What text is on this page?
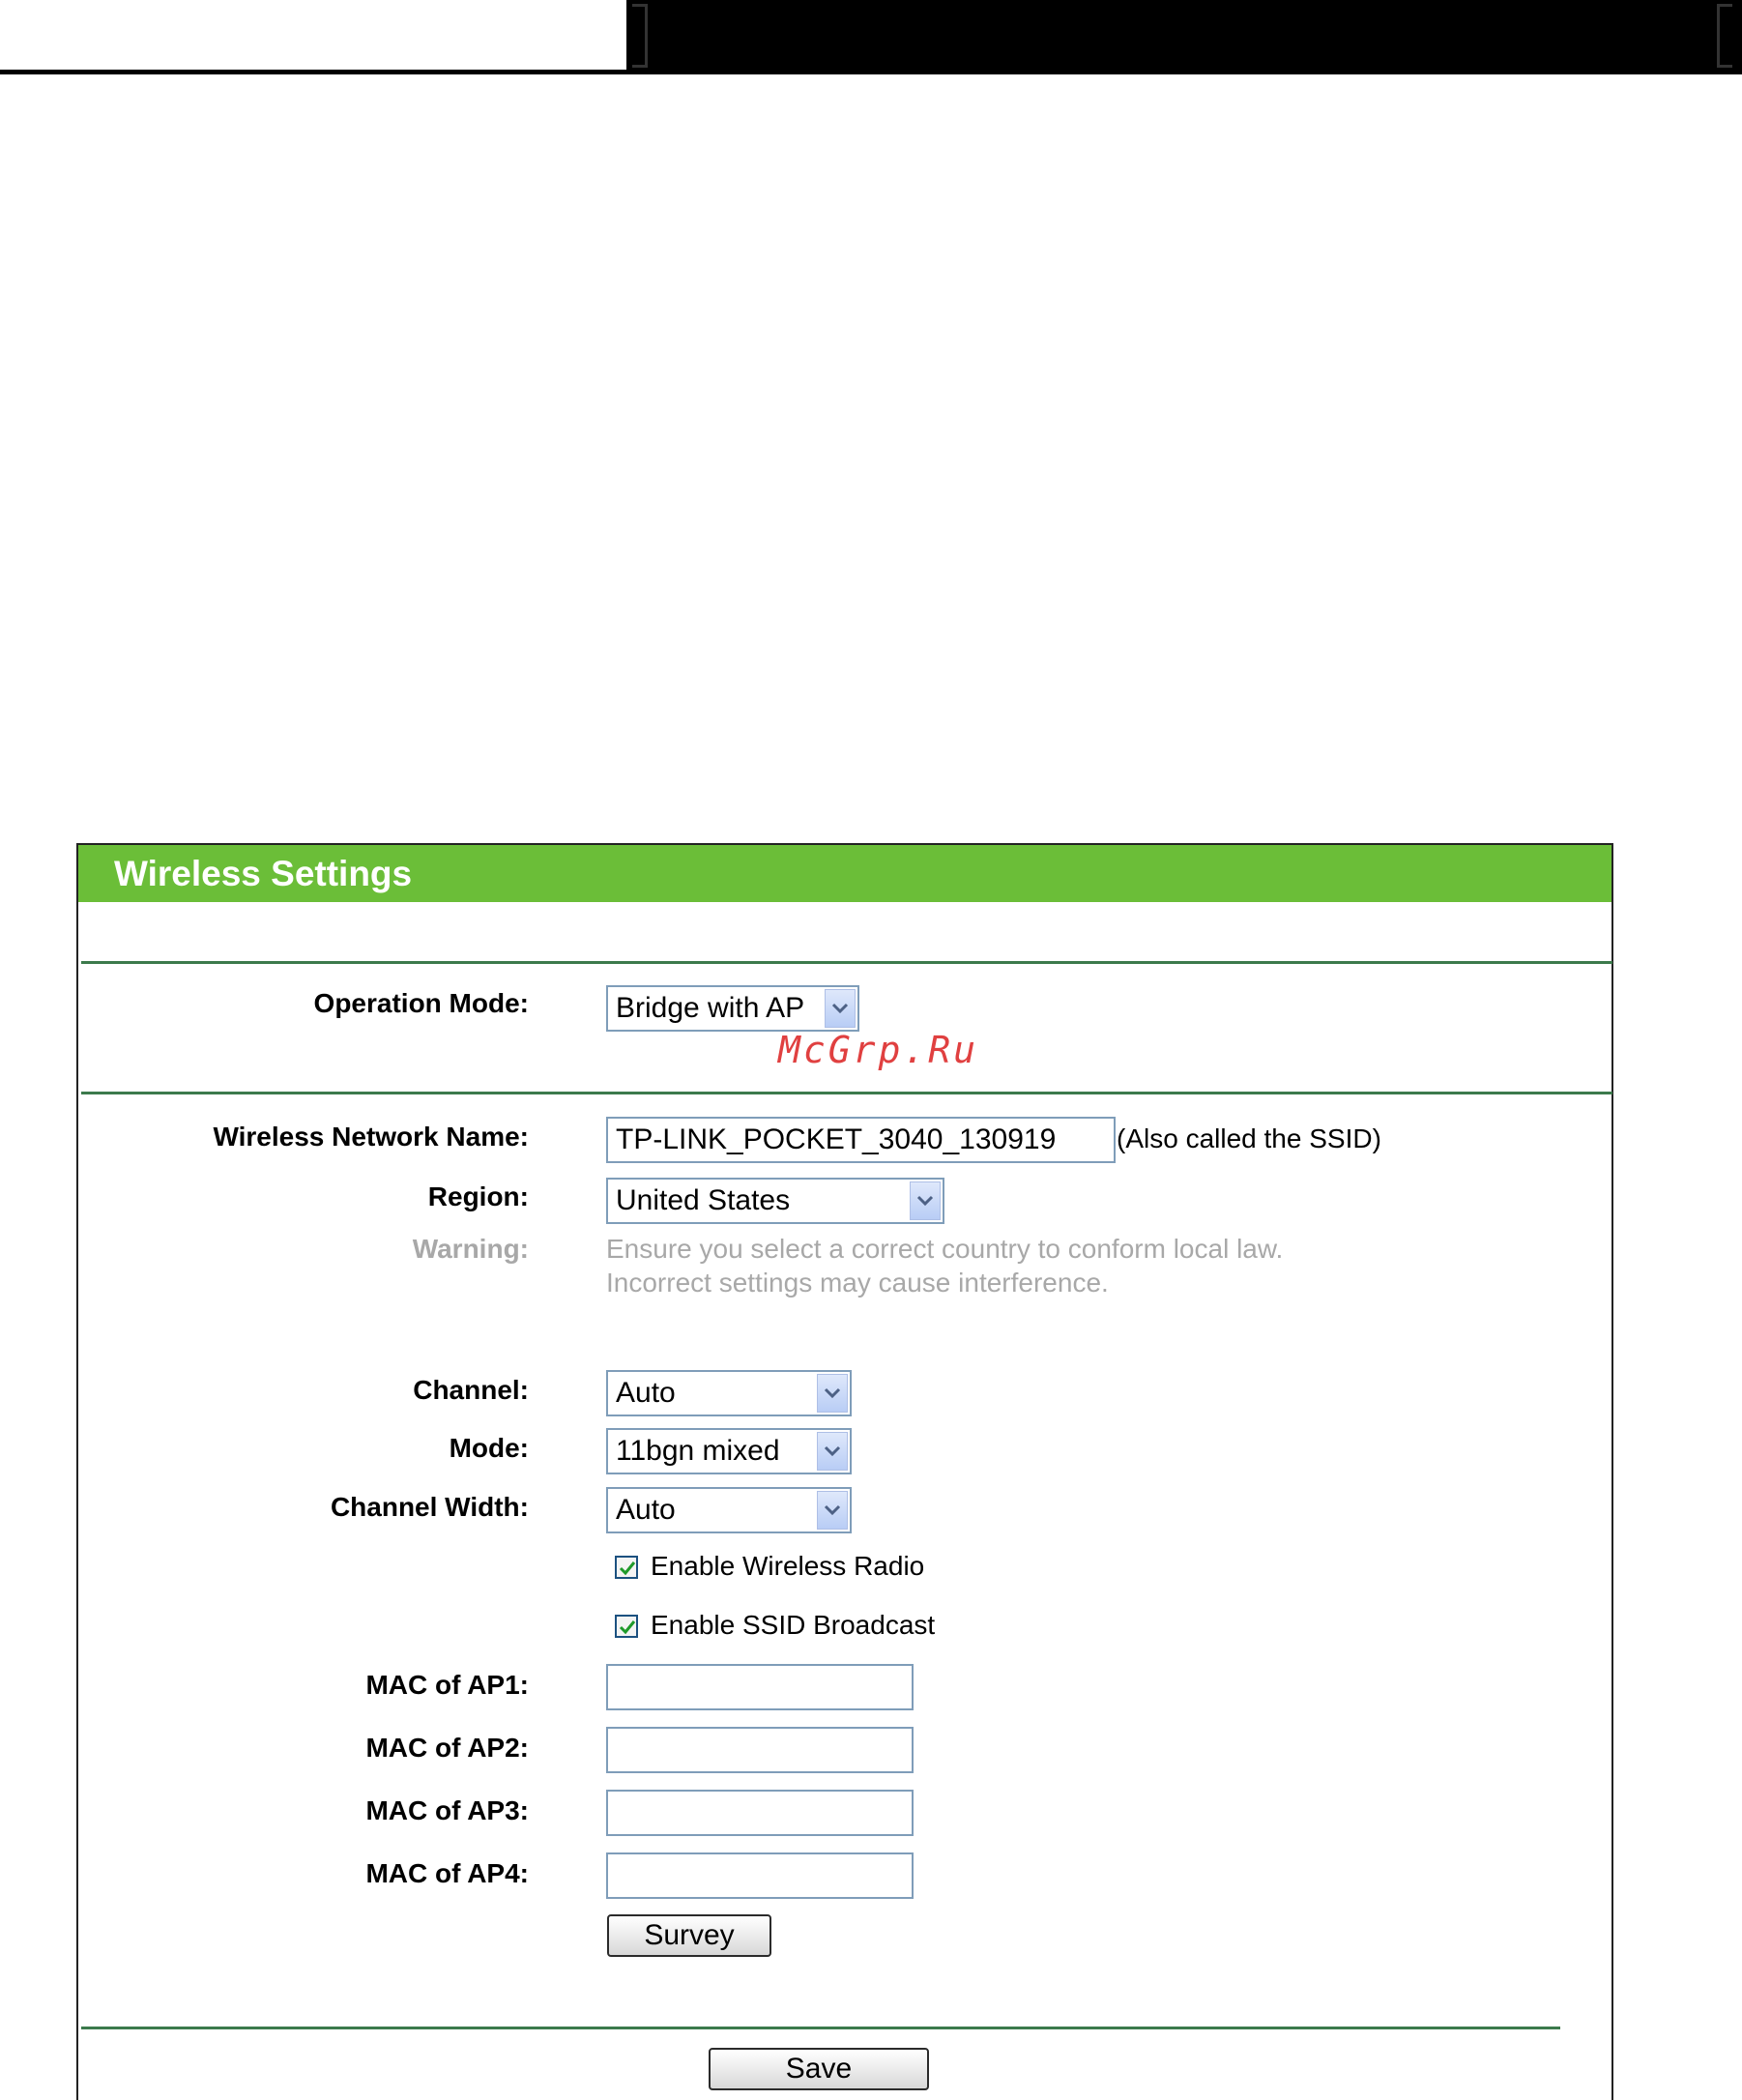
Wireless Settings
Operation Mode:	Bridge with AP
McGrp.Ru
Wireless Network Name:	TP-LINK_POCKET_3040_130919	(Also called the SSID)
Region:	United States
Warning:	Ensure you select a correct country to conform local law.
Incorrect settings may cause interference.
Channel:	Auto
Mode:	11bgn mixed
Channel Width:	Auto
Enable Wireless Radio
Enable SSID Broadcast
MAC of AP1:
MAC of AP2:
MAC of AP3:
MAC of AP4:
Survey
Save
